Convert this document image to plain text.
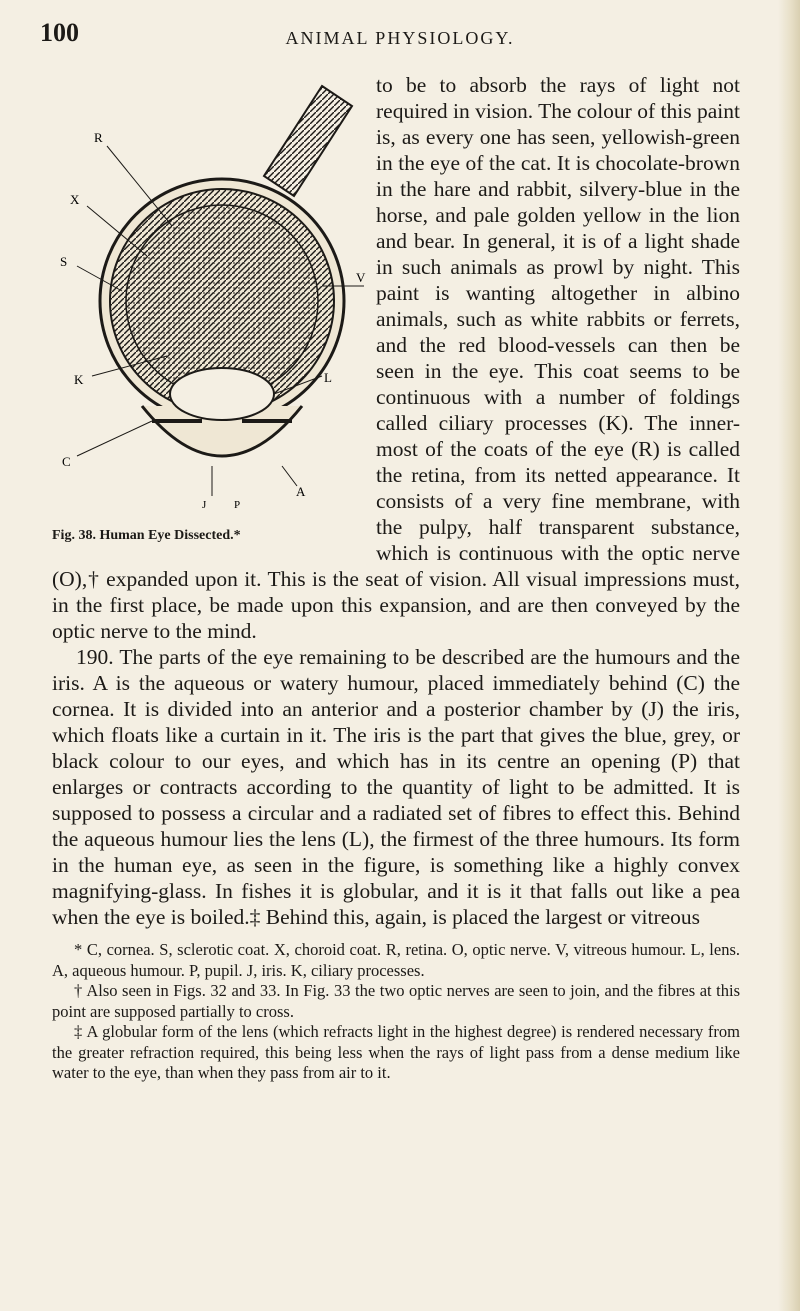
100	ANIMAL PHYSIOLOGY.
R
X
S
V
K	L
C
J	P
A
Fig. 38. Human Eye Dissected.*

to be to absorb the rays of light not required in vision. The colour of this paint is, as every one has seen, yellowish-green in the eye of the cat. It is chocolate-brown in the hare and rabbit, silvery-blue in the horse, and pale golden yellow in the lion and bear. In general, it is of a light shade in such animals as prowl by night. This paint is wanting altogether in albino animals, such as white rabbits or ferrets, and the red blood-vessels can then be seen in the eye. This coat seems to be continuous with a number of foldings called ciliary processes (K). The inner-most of the coats of the eye (R) is called the retina, from its netted appearance. It consists of a very fine membrane, with the pulpy, half transparent substance, which is continuous with the optic nerve (O),† expanded upon it. This is the seat of vision. All visual impressions must, in the first place, be made upon this expansion, and are then conveyed by the optic nerve to the mind.

190. The parts of the eye remaining to be described are the humours and the iris. A is the aqueous or watery humour, placed immediately behind (C) the cornea. It is divided into an anterior and a posterior chamber by (J) the iris, which floats like a curtain in it. The iris is the part that gives the blue, grey, or black colour to our eyes, and which has in its centre an opening (P) that enlarges or contracts according to the quantity of light to be admitted. It is supposed to possess a circular and a radiated set of fibres to effect this. Behind the aqueous humour lies the lens (L), the firmest of the three humours. Its form in the human eye, as seen in the figure, is something like a highly convex magnifying-glass. In fishes it is globular, and it is it that falls out like a pea when the eye is boiled.‡ Behind this, again, is placed the largest or vitreous

* C, cornea. S, sclerotic coat. X, choroid coat. R, retina. O, optic nerve. V, vitreous humour. L, lens. A, aqueous humour. P, pupil. J, iris. K, ciliary processes.

† Also seen in Figs. 32 and 33. In Fig. 33 the two optic nerves are seen to join, and the fibres at this point are supposed partially to cross.

‡ A globular form of the lens (which refracts light in the highest degree) is rendered necessary from the greater refraction required, this being less when the rays of light pass from a dense medium like water to the eye, than when they pass from air to it.
